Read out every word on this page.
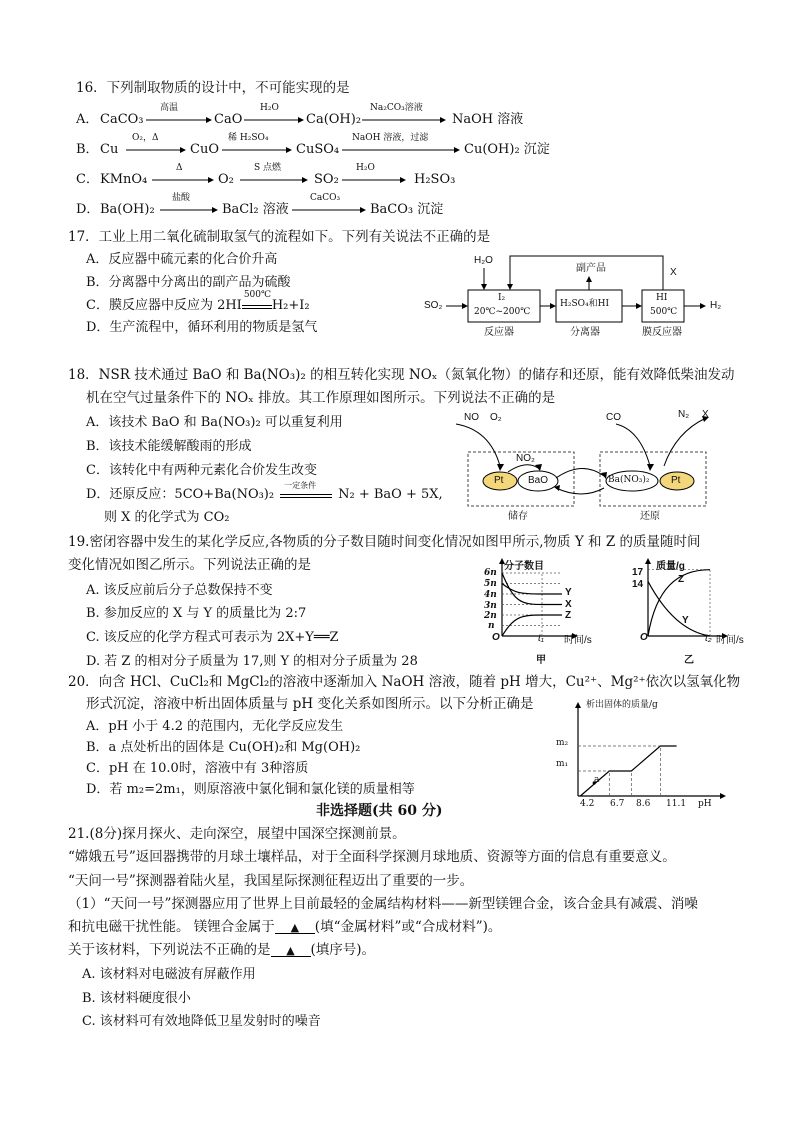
16．下列制取物质的设计中，不可能实现的是
A． CaCO₃
高温
CaO
H₂O
Ca(OH)₂
Na₂CO₃溶液
NaOH 溶液
B． Cu
O₂，Δ
CuO
稀 H₂SO₄
CuSO₄
NaOH 溶液，过滤
Cu(OH)₂ 沉淀
C． KMnO₄
Δ
O₂
S 点燃
SO₂
H₂O
H₂SO₃
D． Ba(OH)₂
盐酸
BaCl₂ 溶液
CaCO₃
BaCO₃ 沉淀
17．工业上用二氧化硫制取氢气的流程如下。下列有关说法不正确的是
A．反应器中硫元素的化合价升高
B．分离器中分离出的副产品为硫酸
C．膜反应器中反应为 2HI
500℃
H₂+I₂
D．生产流程中，循环利用的物质是氢气
H₂O
副产品	X
SO₂	H₂
I₂
20℃~200℃
反应器
H₂SO₄和HI
分离器
HI
500℃
膜反应器
18．NSR 技术通过 BaO 和 Ba(NO₃)₂ 的相互转化实现 NOₓ（氮氧化物）的储存和还原，能有效降低柴油发动
机在空气过量条件下的 NOₓ 排放。其工作原理如图所示。下列说法不正确的是
A．该技术 BaO 和 Ba(NO₃)₂ 可以重复利用
B．该技术能缓解酸雨的形成
C．该转化中有两种元素化合价发生改变
D．还原反应：5CO+Ba(NO₃)₂
一定条件
N₂ + BaO + 5X,
则 X 的化学式为 CO₂
NO O₂
NO₂
Pt BaO
CO	N₂ X
Ba(NO₃)₂ Pt
储存	还原
19.密闭容器中发生的某化学反应,各物质的分子数目随时间变化情况如图甲所示,物质 Y 和 Z 的质量随时间
变化情况如图乙所示。下列说法正确的是
A. 该反应前后分子总数保持不变
B. 参加反应的 X 与 Y 的质量比为 2:7
C. 该反应的化学方程式可表示为 2X+Y══Z
D. 若 Z 的相对分子质量为 17,则 Y 的相对分子质量为 28
分子数目
时间/s
O	t₁
甲
6n
5n
4n
3n
2n
n
Y
X
Z
质量/g
时间/s
O	t₂
乙
17
14	Z
Y
20．向含 HCl、CuCl₂和 MgCl₂的溶液中逐渐加入 NaOH 溶液，随着 pH 增大，Cu²⁺、Mg²⁺依次以氢氧化物
形式沉淀，溶液中析出固体质量与 pH 变化关系如图所示。以下分析正确是
A．pH 小于 4.2 的范围内，无化学反应发生
B．a 点处析出的固体是 Cu(OH)₂和 Mg(OH)₂
C．pH 在 10.0时，溶液中有 3种溶质
D．若 m₂=2m₁，则原溶液中氯化铜和氯化镁的质量相等
析出固体的质量/g
pH
m₂
m₁
4.2 6.7 8.6 11.1
a
非选择题(共 60 分)
21.(8分)探月探火、走向深空，展望中国深空探测前景。
“嫦娥五号”返回器携带的月球土壤样品，对于全面科学探测月球地质、资源等方面的信息有重要意义。
“天问一号”探测器着陆火星，我国星际探测征程迈出了重要的一步。
（1）“天问一号”探测器应用了世界上目前最轻的金属结构材料——新型镁锂合金，该合金具有减震、消噪
和抗电磁干扰性能。 镁锂合金属于 ▲ (填“金属材料”或“合成材料”)。
关于该材料，下列说法不正确的是 ▲ (填序号)。
A. 该材料对电磁波有屏蔽作用
B. 该材料硬度很小
C. 该材料可有效地降低卫星发射时的噪音
